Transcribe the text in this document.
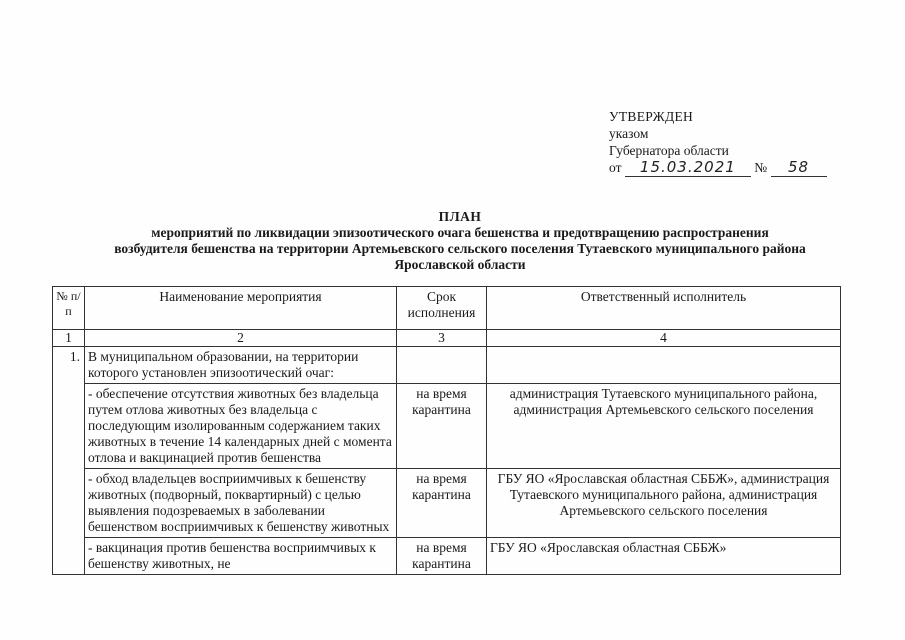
УТВЕРЖДЕН
указом
Губернатора области
от 15.03.2021 № 58
ПЛАН
мероприятий по ликвидации эпизоотического очага бешенства и предотвращению распространения
возбудителя бешенства на территории Артемьевского сельского поселения Тутаевского муниципального района
Ярославской области
№ п/п	Наименование мероприятия	Срок исполнения	Ответственный исполнитель
1	2	3	4
1.	В муниципальном образовании, на территории которого установлен эпизоотический очаг:		
	- обеспечение отсутствия животных без владельца путем отлова животных без владельца с последующим изолированным содержанием таких животных в течение 14 календарных дней с момента отлова и вакцинацией против бешенства	на время карантина	администрация Тутаевского муниципального района, администрация Артемьевского сельского поселения
	- обход владельцев восприимчивых к бешенству животных (подворный, поквартирный) с целью выявления подозреваемых в заболевании бешенством восприимчивых к бешенству животных	на время карантина	ГБУ ЯО «Ярославская областная СББЖ», администрация Тутаевского муниципального района, администрация Артемьевского сельского поселения
	- вакцинация против бешенства восприимчивых к бешенству животных, не	на время карантина	ГБУ ЯО «Ярославская областная СББЖ»
